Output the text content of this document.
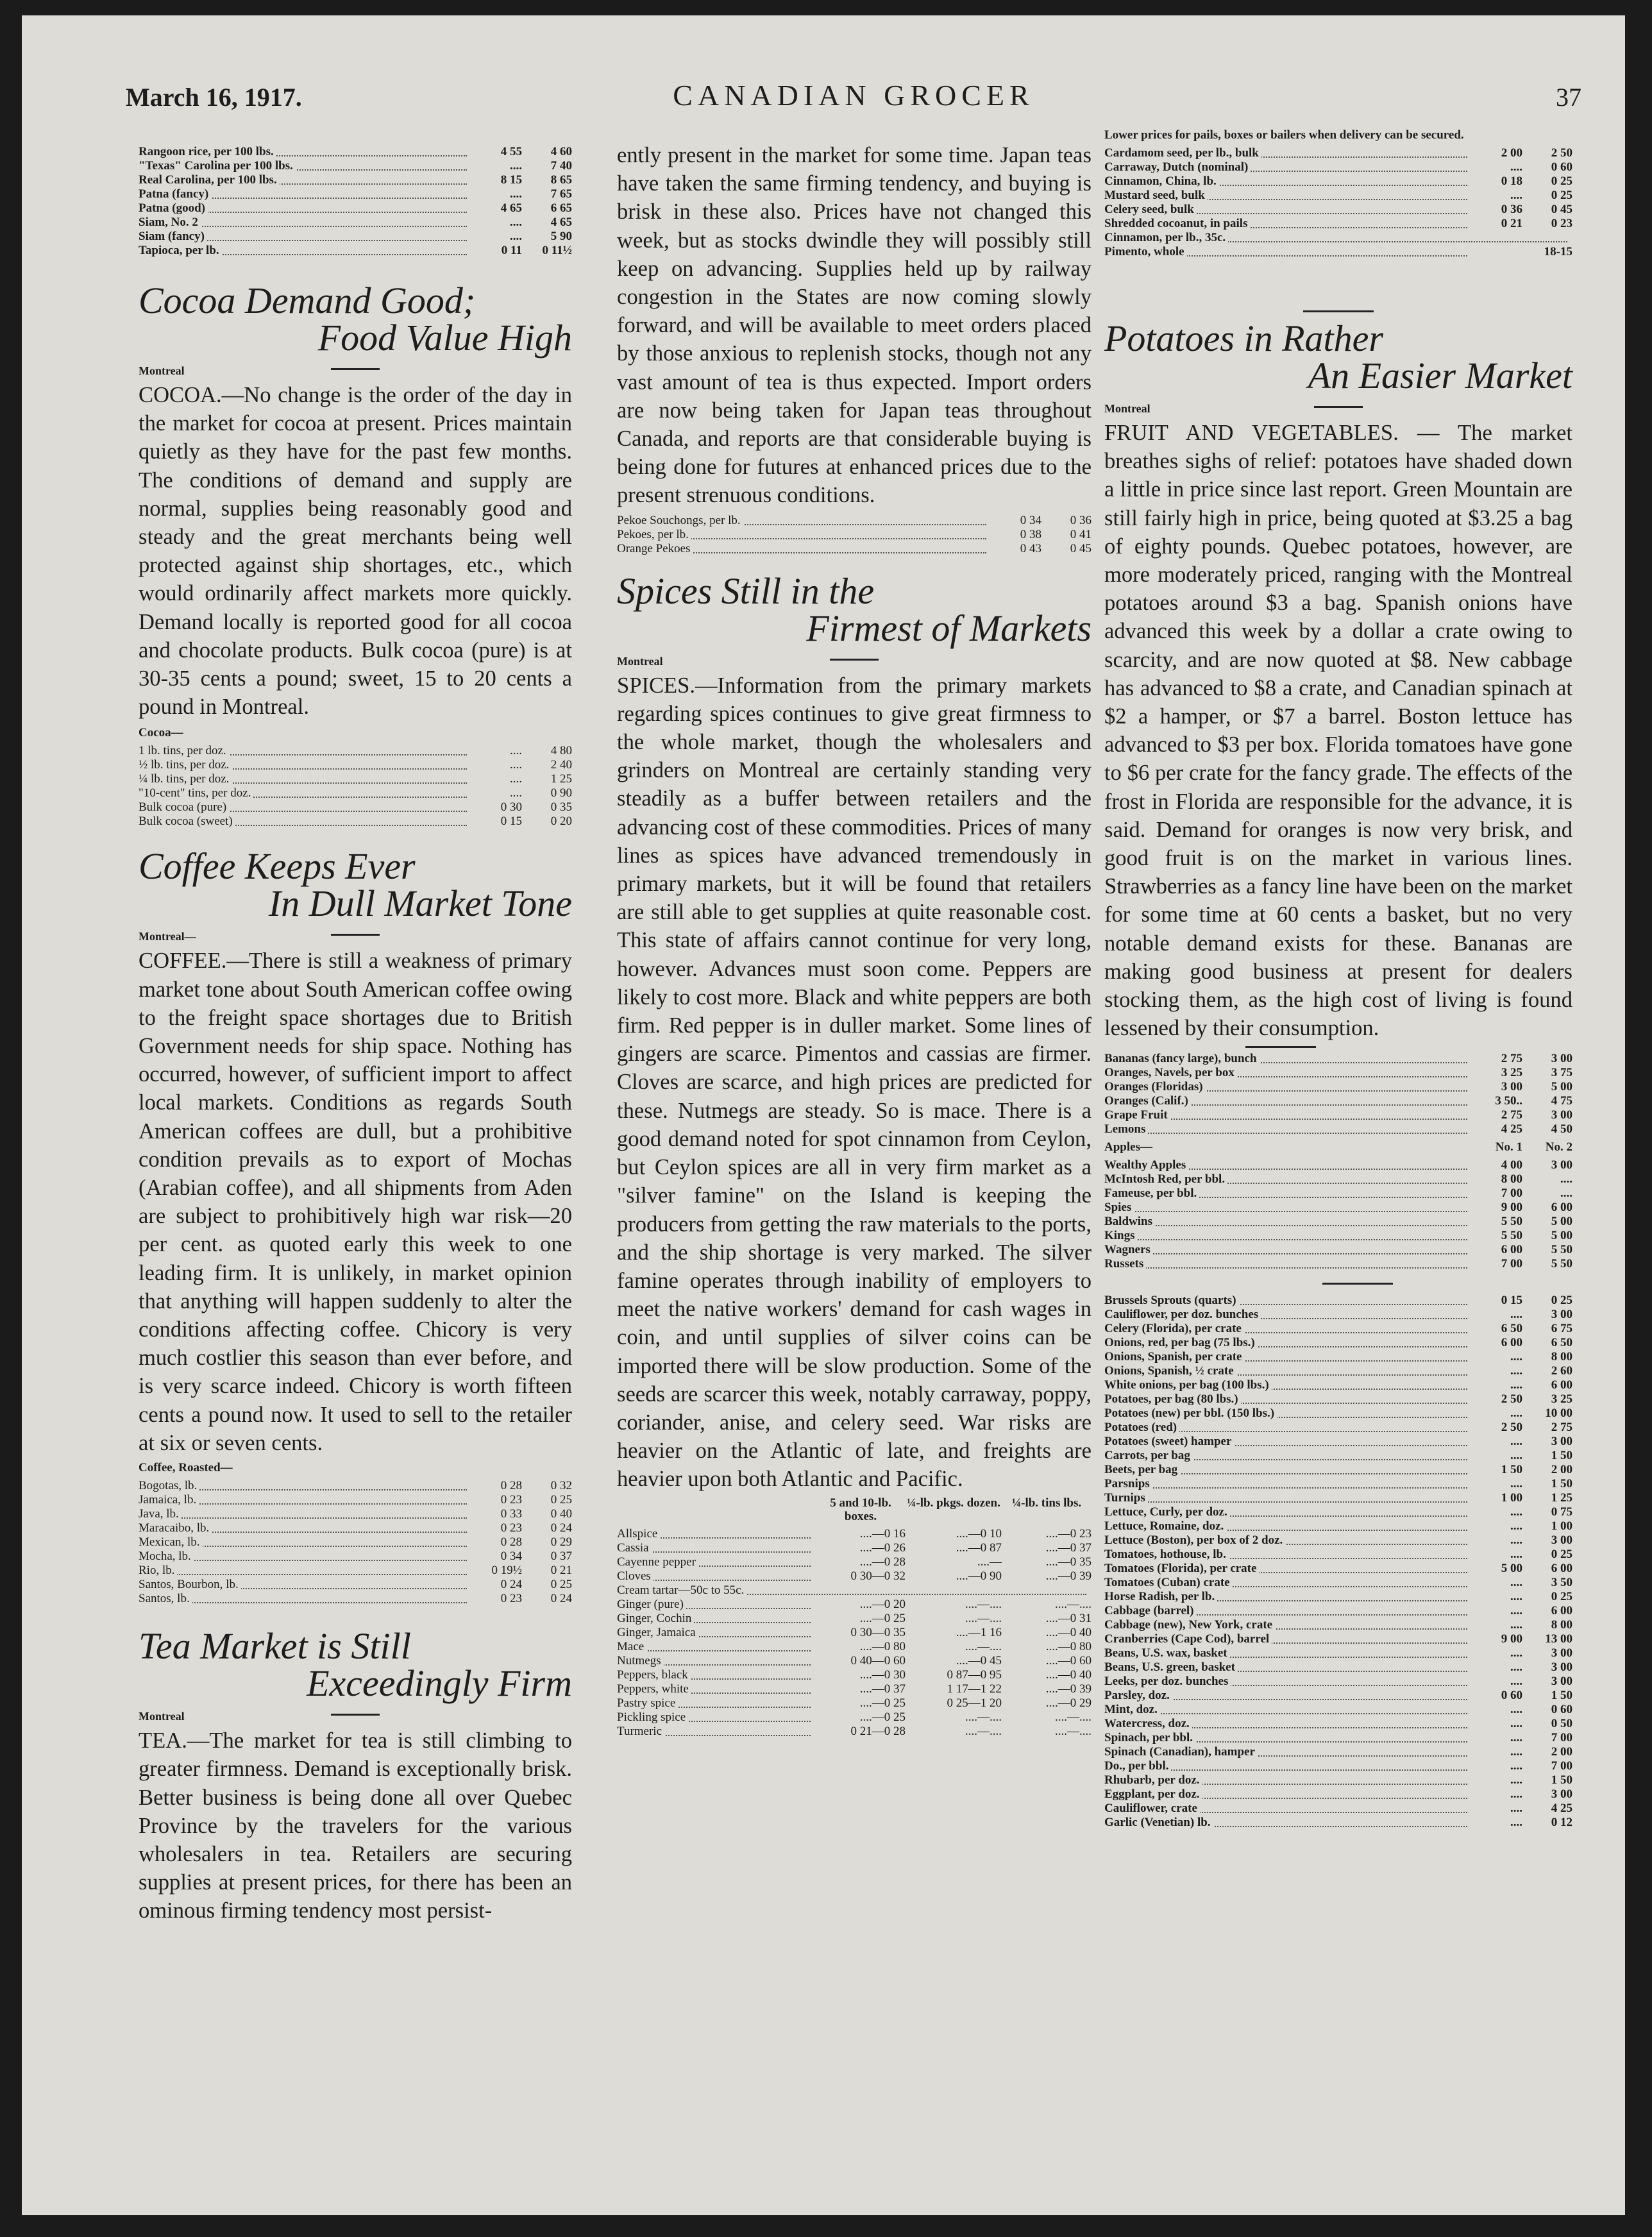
March 16, 1917.	CANADIAN GROCER	37
Rangoon rice, per 100 lbs.	4 55	4 60
"Texas" Carolina per 100 lbs.	....	7 40
Real Carolina, per 100 lbs.	8 15	8 65
Patna (fancy)	....	7 65
Patna (good)	4 65	6 65
Siam, No. 2	....	4 65
Siam (fancy)	....	5 90
Tapioca, per lb.	0 11	0 11½
Cocoa Demand Good;
Food Value High
Montreal

COCOA.—No change is the order of the day in the market for cocoa at present. Prices maintain quietly as they have for the past few months. The conditions of demand and supply are normal, supplies being reasonably good and steady and the great merchants being well protected against ship shortages, etc., which would ordinarily affect markets more quickly. Demand locally is reported good for all cocoa and chocolate products. Bulk cocoa (pure) is at 30-35 cents a pound; sweet, 15 to 20 cents a pound in Montreal.

Cocoa—
1 lb. tins, per doz.	....	4 80
½ lb. tins, per doz.	....	2 40
¼ lb. tins, per doz.	....	1 25
"10-cent" tins, per doz.	....	0 90
Bulk cocoa (pure)	0 30	0 35
Bulk cocoa (sweet)	0 15	0 20
Coffee Keeps Ever
In Dull Market Tone
Montreal—

COFFEE.—There is still a weakness of primary market tone about South American coffee owing to the freight space shortages due to British Government needs for ship space. Nothing has occurred, however, of sufficient import to affect local markets. Conditions as regards South American coffees are dull, but a prohibitive condition prevails as to export of Mochas (Arabian coffee), and all shipments from Aden are subject to prohibitively high war risk—20 per cent. as quoted early this week to one leading firm. It is unlikely, in market opinion that anything will happen suddenly to alter the conditions affecting coffee. Chicory is very much costlier this season than ever before, and is very scarce indeed. Chicory is worth fifteen cents a pound now. It used to sell to the retailer at six or seven cents.

Coffee, Roasted—
Bogotas, lb.	0 28	0 32
Jamaica, lb.	0 23	0 25
Java, lb.	0 33	0 40
Maracaibo, lb.	0 23	0 24
Mexican, lb.	0 28	0 29
Mocha, lb.	0 34	0 37
Rio, lb.	0 19½	0 21
Santos, Bourbon, lb.	0 24	0 25
Santos, lb.	0 23	0 24
Tea Market is Still
Exceedingly Firm
Montreal

TEA.—The market for tea is still climbing to greater firmness. Demand is exceptionally brisk. Better business is being done all over Quebec Province by the travelers for the various wholesalers in tea. Retailers are securing supplies at present prices, for there has been an ominous firming tendency most persist-

ently present in the market for some time. Japan teas have taken the same firming tendency, and buying is brisk in these also. Prices have not changed this week, but as stocks dwindle they will possibly still keep on advancing. Supplies held up by railway congestion in the States are now coming slowly forward, and will be available to meet orders placed by those anxious to replenish stocks, though not any vast amount of tea is thus expected. Import orders are now being taken for Japan teas throughout Canada, and reports are that considerable buying is being done for futures at enhanced prices due to the present strenuous conditions.

Pekoe Souchongs, per lb.	0 34	0 36
Pekoes, per lb.	0 38	0 41
Orange Pekoes	0 43	0 45
Spices Still in the
Firmest of Markets
Montreal

SPICES.—Information from the primary markets regarding spices continues to give great firmness to the whole market, though the wholesalers and grinders on Montreal are certainly standing very steadily as a buffer between retailers and the advancing cost of these commodities. Prices of many lines as spices have advanced tremendously in primary markets, but it will be found that retailers are still able to get supplies at quite reasonable cost. This state of affairs cannot continue for very long, however. Advances must soon come. Peppers are likely to cost more. Black and white peppers are both firm. Red pepper is in duller market. Some lines of gingers are scarce. Pimentos and cassias are firmer. Cloves are scarce, and high prices are predicted for these. Nutmegs are steady. So is mace. There is a good demand noted for spot cinnamon from Ceylon, but Ceylon spices are all in very firm market as a "silver famine" on the Island is keeping the producers from getting the raw materials to the ports, and the ship shortage is very marked. The silver famine operates through inability of employers to meet the native workers' demand for cash wages in coin, and until supplies of silver coins can be imported there will be slow production. Some of the seeds are scarcer this week, notably carraway, poppy, coriander, anise, and celery seed. War risks are heavier on the Atlantic of late, and freights are heavier upon both Atlantic and Pacific.

5 and 10-lb. boxes.
¼-lb. pkgs. dozen. ¼-lb. tins lbs.
Allspice	....—0 16	....—0 10	....—0 23
Cassia	....—0 26	....—0 87	....—0 37
Cayenne pepper	....—0 28	....—	....—0 35
Cloves	0 30—0 32	....—0 90	....—0 39
Cream tartar—50c to 55c.			
Ginger (pure)	....—0 20	....—....	....—....
Ginger, Cochin	....—0 25	....—....	....—0 31
Ginger, Jamaica	0 30—0 35	....—1 16	....—0 40
Mace	....—0 80	....—....	....—0 80
Nutmegs	0 40—0 60	....—0 45	....—0 60
Peppers, black	....—0 30	0 87—0 95	....—0 40
Peppers, white	....—0 37	1 17—1 22	....—0 39
Pastry spice	....—0 25	0 25—1 20	....—0 29
Pickling spice	....—0 25	....—....	....—....
Turmeric	0 21—0 28	....—....	....—....
Lower prices for pails, boxes or bailers when delivery can be secured.
Cardamom seed, per lb., bulk	2 00	2 50
Carraway, Dutch (nominal)	....	0 60
Cinnamon, China, lb.	0 18	0 25
Mustard seed, bulk	....	0 25
Celery seed, bulk	0 36	0 45
Shredded cocoanut, in pails	0 21	0 23
Cinnamon, per lb., 35c.		
Pimento, whole		18-15
Potatoes in Rather
An Easier Market
Montreal

FRUIT AND VEGETABLES. — The market breathes sighs of relief: potatoes have shaded down a little in price since last report. Green Mountain are still fairly high in price, being quoted at $3.25 a bag of eighty pounds. Quebec potatoes, however, are more moderately priced, ranging with the Montreal potatoes around $3 a bag. Spanish onions have advanced this week by a dollar a crate owing to scarcity, and are now quoted at $8. New cabbage has advanced to $8 a crate, and Canadian spinach at $2 a hamper, or $7 a barrel. Boston lettuce has advanced to $3 per box. Florida tomatoes have gone to $6 per crate for the fancy grade. The effects of the frost in Florida are responsible for the advance, it is said. Demand for oranges is now very brisk, and good fruit is on the market in various lines. Strawberries as a fancy line have been on the market for some time at 60 cents a basket, but no very notable demand exists for these. Bananas are making good business at present for dealers stocking them, as the high cost of living is found lessened by their consumption.

Bananas (fancy large), bunch	2 75	3 00
Oranges, Navels, per box	3 25	3 75
Oranges (Floridas)	3 00	5 00
Oranges (Calif.)	3 50..	4 75
Grape Fruit	2 75	3 00
Lemons	4 25	4 50
Apples—	No. 1	No. 2
Wealthy Apples	4 00	3 00
McIntosh Red, per bbl.	8 00	....
Fameuse, per bbl.	7 00	....
Spies	9 00	6 00
Baldwins	5 50	5 00
Kings	5 50	5 00
Wagners	6 00	5 50
Russets	7 00	5 50
Brussels Sprouts (quarts)	0 15	0 25
Cauliflower, per doz. bunches	....	3 00
Celery (Florida), per crate	6 50	6 75
Onions, red, per bag (75 lbs.)	6 00	6 50
Onions, Spanish, per crate	....	8 00
Onions, Spanish, ½ crate	....	2 60
White onions, per bag (100 lbs.)	....	6 00
Potatoes, per bag (80 lbs.)	2 50	3 25
Potatoes (new) per bbl. (150 lbs.)	....	10 00
Potatoes (red)	2 50	2 75
Potatoes (sweet) hamper	....	3 00
Carrots, per bag	....	1 50
Beets, per bag	1 50	2 00
Parsnips	....	1 50
Turnips	1 00	1 25
Lettuce, Curly, per doz.	....	0 75
Lettuce, Romaine, doz.	....	1 00
Lettuce (Boston), per box of 2 doz.	....	3 00
Tomatoes, hothouse, lb.	....	0 25
Tomatoes (Florida), per crate	5 00	6 00
Tomatoes (Cuban) crate	....	3 50
Horse Radish, per lb.	....	0 25
Cabbage (barrel)	....	6 00
Cabbage (new), New York, crate	....	8 00
Cranberries (Cape Cod), barrel	9 00	13 00
Beans, U.S. wax, basket	....	3 00
Beans, U.S. green, basket	....	3 00
Leeks, per doz. bunches	....	3 00
Parsley, doz.	0 60	1 50
Mint, doz.	....	0 60
Watercress, doz.	....	0 50
Spinach, per bbl.	....	7 00
Spinach (Canadian), hamper	....	2 00
Do., per bbl.	....	7 00
Rhubarb, per doz.	....	1 50
Eggplant, per doz.	....	3 00
Cauliflower, crate	....	4 25
Garlic (Venetian) lb.	....	0 12
